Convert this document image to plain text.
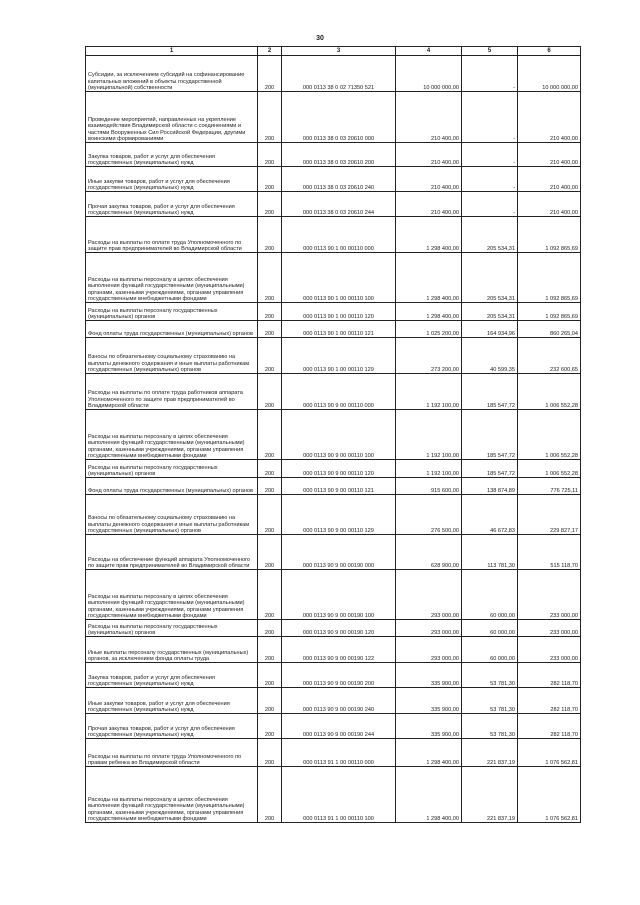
30
1	2	3	4	5	6

Субсидии, за исключением субсидий на софинансирование капитальных вложений в объекты государственной (муниципальной) собственности	200	000 0113 38 0 02 71350 521	10 000 000,00	-	10 000 000,00

Проведение мероприятий, направленных на укрепление взаимодействия Владимирской области с соединениями и частями Вооруженных Сил Российской Федерации, другими воинскими формированиями	200	000 0113 38 0 03 20610 000	210 400,00	-	210 400,00

Закупка товаров, работ и услуг для обеспечения государственных (муниципальных) нужд	200	000 0113 38 0 03 20610 200	210 400,00	-	210 400,00

Иные закупки товаров, работ и услуг для обеспечения государственных (муниципальных) нужд	200	000 0113 38 0 03 20610 240	210 400,00	-	210 400,00

Прочая закупка товаров, работ и услуг для обеспечения государственных (муниципальных) нужд	200	000 0113 38 0 03 20610 244	210 400,00	-	210 400,00

Расходы на выплаты по оплате труда Уполномоченного по защите прав предпринимателей во Владимирской области	200	000 0113 90 1 00 00110 000	1 298 400,00	205 534,31	1 092 865,69

Расходы на выплаты персоналу в целях обеспечения выполнения функций государственными (муниципальными) органами, казенными учреждениями, органами управления государственными внебюджетными фондами	200	000 0113 90 1 00 00110 100	1 298 400,00	205 534,31	1 092 865,69

Расходы на выплаты персоналу государственных (муниципальных) органов	200	000 0113 90 1 00 00110 120	1 298 400,00	205 534,31	1 092 865,69

Фонд оплаты труда государственных (муниципальных) органов	200	000 0113 90 1 00 00110 121	1 025 200,00	164 934,96	860 265,04

Взносы по обязательному социальному страхованию на выплаты денежного содержания и иные выплаты работникам государственных (муниципальных) органов	200	000 0113 90 1 00 00110 129	273 200,00	40 599,35	232 600,65

Расходы на выплаты по оплате труда работников аппарата Уполномоченного по защите прав предпринимателей во Владимирской области	200	000 0113 90 9 00 00110 000	1 192 100,00	185 547,72	1 006 552,28

Расходы на выплаты персоналу в целях обеспечения выполнения функций государственными (муниципальными) органами, казенными учреждениями, органами управления государственными внебюджетными фондами	200	000 0113 90 9 00 00110 100	1 192 100,00	185 547,72	1 006 552,28

Расходы на выплаты персоналу государственных (муниципальных) органов	200	000 0113 90 9 00 00110 120	1 192 100,00	185 547,72	1 006 552,28

Фонд оплаты труда государственных (муниципальных) органов	200	000 0113 90 9 00 00110 121	915 600,00	138 874,89	776 725,11

Взносы по обязательному социальному страхованию на выплаты денежного содержания и иные выплаты работникам государственных (муниципальных) органов	200	000 0113 90 9 00 00110 129	276 500,00	46 672,83	229 827,17

Расходы на обеспечение функций аппарата Уполномоченного по защите прав предпринимателей во Владимирской области	200	000 0113 90 9 00 00190 000	628 900,00	113 781,30	515 118,70

Расходы на выплаты персоналу в целях обеспечения выполнения функций государственными (муниципальными) органами, казенными учреждениями, органами управления государственными внебюджетными фондами	200	000 0113 90 9 00 00190 100	293 000,00	60 000,00	233 000,00

Расходы на выплаты персоналу государственных (муниципальных) органов	200	000 0113 90 9 00 00190 120	293 000,00	60 000,00	233 000,00

Иные выплаты персоналу государственных (муниципальных) органов, за исключением фонда оплаты труда	200	000 0113 90 9 00 00190 122	293 000,00	60 000,00	233 000,00

Закупка товаров, работ и услуг для обеспечения государственных (муниципальных) нужд	200	000 0113 90 9 00 00190 200	335 900,00	53 781,30	282 118,70

Иные закупки товаров, работ и услуг для обеспечения государственных (муниципальных) нужд	200	000 0113 90 9 00 00190 240	335 900,00	53 781,30	282 118,70

Прочая закупка товаров, работ и услуг для обеспечения государственных (муниципальных) нужд	200	000 0113 90 9 00 00190 244	335 900,00	53 781,30	282 118,70

Расходы на выплаты по оплате труда Уполномоченного по правам ребенка во Владимирской области	200	000 0113 91 1 00 00110 000	1 298 400,00	221 837,19	1 076 562,81

Расходы на выплаты персоналу в целях обеспечения выполнения функций государственными (муниципальными) органами, казенными учреждениями, органами управления государственными внебюджетными фондами	200	000 0113 91 1 00 00110 100	1 298 400,00	221 837,19	1 076 562,81
